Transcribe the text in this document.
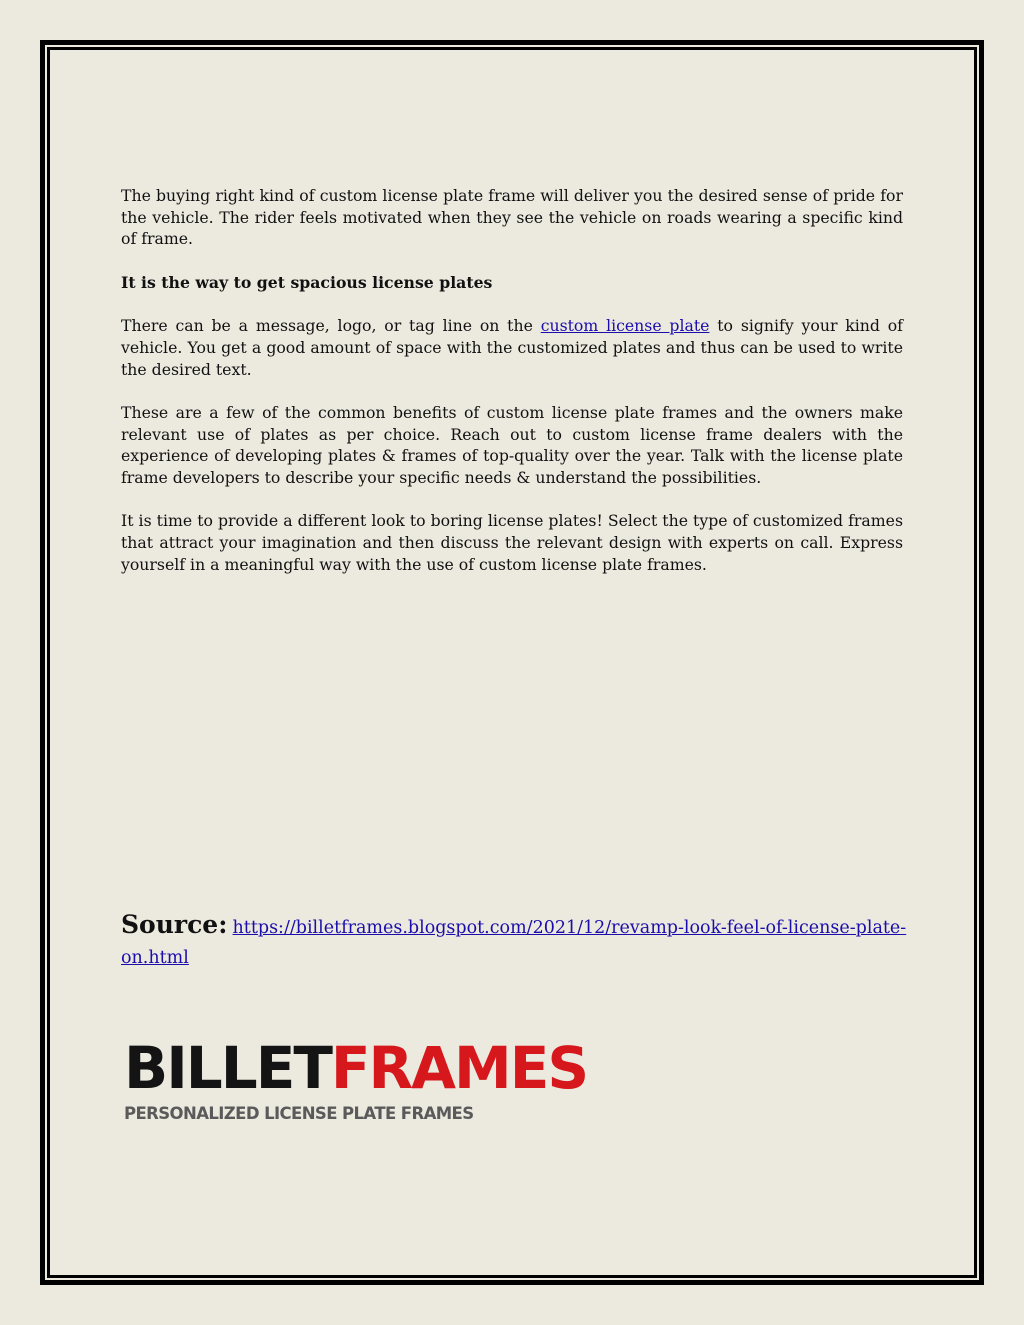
The buying right kind of custom license plate frame will deliver you the desired sense of pride for the vehicle. The rider feels motivated when they see the vehicle on roads wearing a specific kind of frame.

It is the way to get spacious license plates

There can be a message, logo, or tag line on the custom license plate to signify your kind of vehicle. You get a good amount of space with the customized plates and thus can be used to write the desired text.

These are a few of the common benefits of custom license plate frames and the owners make relevant use of plates as per choice. Reach out to custom license frame dealers with the experience of developing plates & frames of top-quality over the year. Talk with the license plate frame developers to describe your specific needs & understand the possibilities.

It is time to provide a different look to boring license plates! Select the type of customized frames that attract your imagination and then discuss the relevant design with experts on call. Express yourself in a meaningful way with the use of custom license plate frames.

Source: https://billetframes.blogspot.com/2021/12/revamp-look-feel-of-license-plate-on.html
BILLETFRAMES
PERSONALIZED LICENSE PLATE FRAMES
